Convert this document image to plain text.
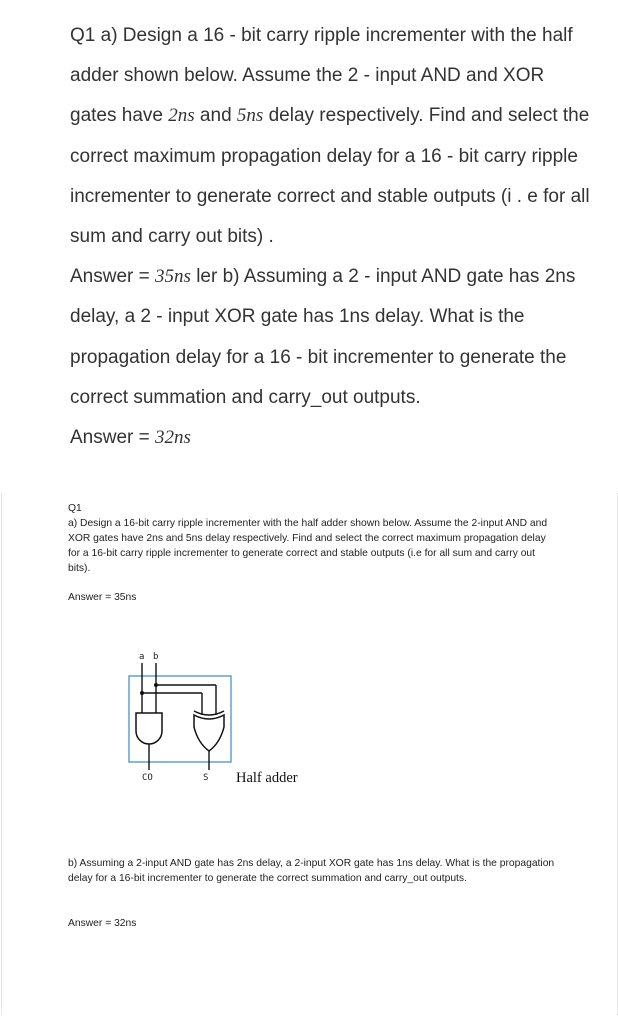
Q1 a) Design a 16 - bit carry ripple incrementer with the half adder shown below. Assume the 2 - input AND and XOR gates have 2ns and 5ns delay respectively. Find and select the correct maximum propagation delay for a 16 - bit carry ripple incrementer to generate correct and stable outputs (i . e for all sum and carry out bits) .

Answer = 35ns ler b) Assuming a 2 - input AND gate has 2ns delay, a 2 - input XOR gate has 1ns delay. What is the propagation delay for a 16 - bit incrementer to generate the correct summation and carry_out outputs.

Answer = 32ns

Q1
a) Design a 16-bit carry ripple incrementer with the half adder shown below. Assume the 2-input AND and XOR gates have 2ns and 5ns delay respectively. Find and select the correct maximum propagation delay for a 16-bit carry ripple incrementer to generate correct and stable outputs (i.e for all sum and carry out bits).
Answer = 35ns
a b
CO	S Half adder
b) Assuming a 2-input AND gate has 2ns delay, a 2-input XOR gate has 1ns delay. What is the propagation delay for a 16-bit incrementer to generate the correct summation and carry_out outputs.
Answer = 32ns
